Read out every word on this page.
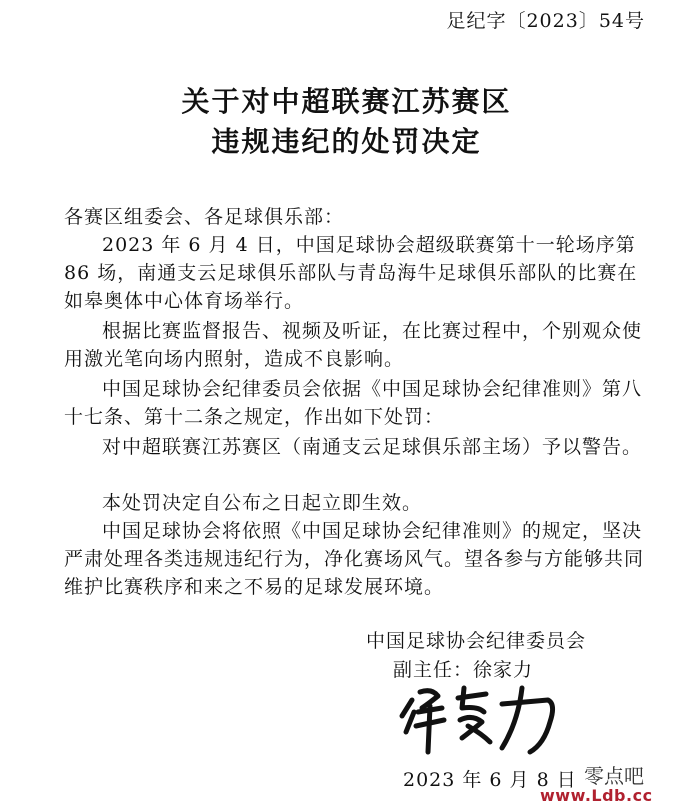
足纪字〔2023〕54号
关于对中超联赛江苏赛区
违规违纪的处罚决定
各赛区组委会、各足球俱乐部：

2023 年 6 月 4 日，中国足球协会超级联赛第十一轮场序第 86 场，南通支云足球俱乐部队与青岛海牛足球俱乐部队的比赛在如皋奥体中心体育场举行。

根据比赛监督报告、视频及听证，在比赛过程中，个别观众使用激光笔向场内照射，造成不良影响。

中国足球协会纪律委员会依据《中国足球协会纪律准则》第八十七条、第十二条之规定，作出如下处罚：

对中超联赛江苏赛区（南通支云足球俱乐部主场）予以警告。

本处罚决定自公布之日起立即生效。

中国足球协会将依照《中国足球协会纪律准则》的规定，坚决严肃处理各类违规违纪行为，净化赛场风气。望各参与方能够共同维护比赛秩序和来之不易的足球发展环境。

中国足球协会纪律委员会
副主任：徐家力
2023 年 6 月 8 日 零点吧
www.Ldb.cc
